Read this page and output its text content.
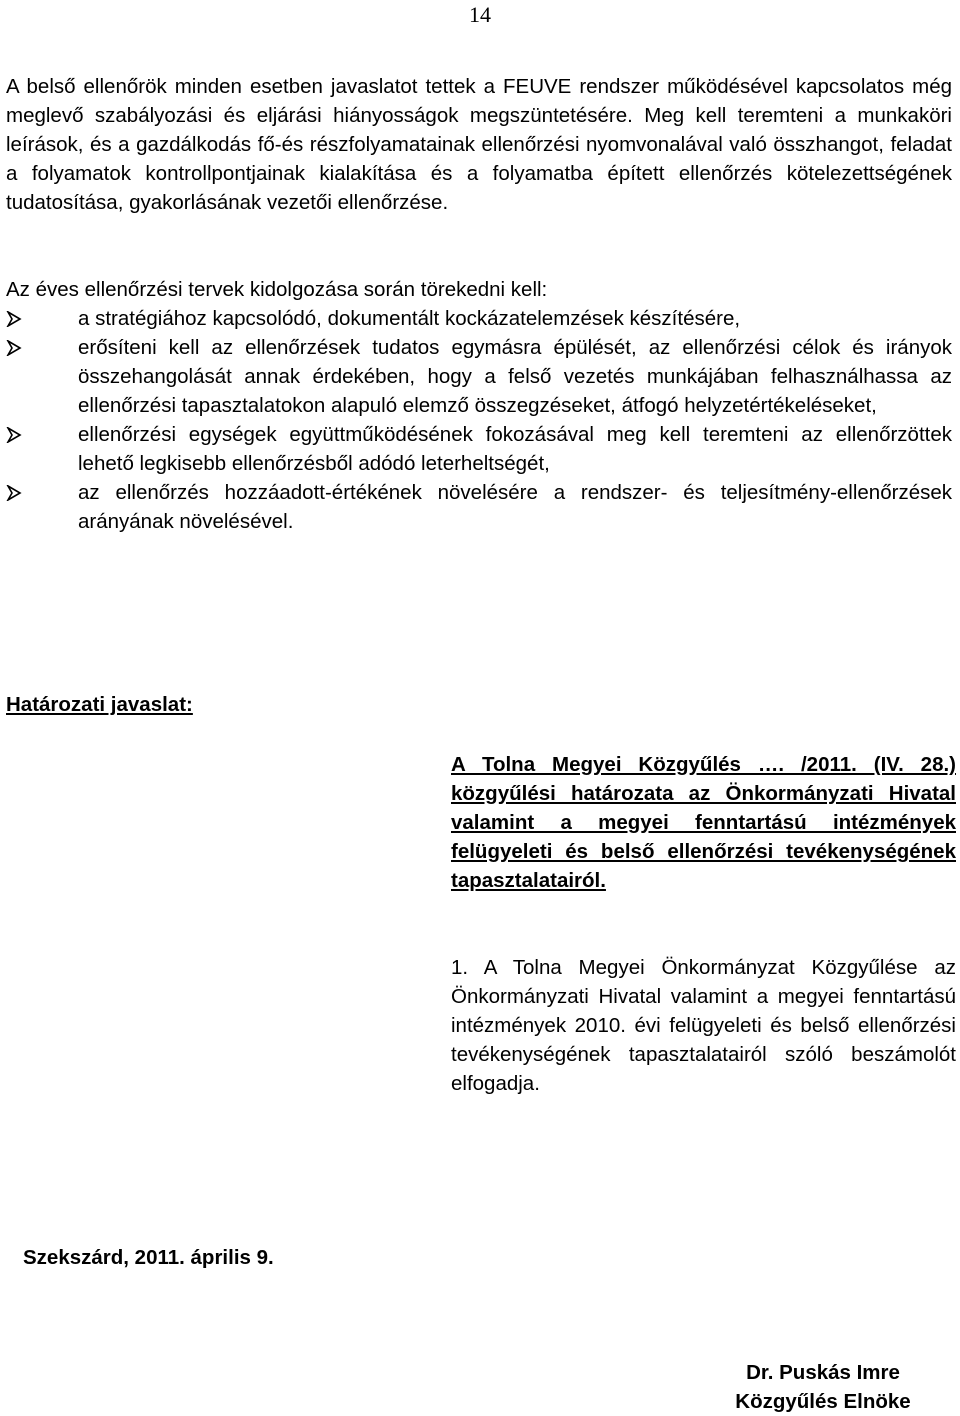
14

A belső ellenőrök minden esetben javaslatot tettek a FEUVE rendszer működésével kapcsolatos még meglevő szabályozási és eljárási hiányosságok megszüntetésére. Meg kell teremteni a munkaköri leírások, és a gazdálkodás fő-és részfolyamatainak ellenőrzési nyomvonalával való összhangot, feladat a folyamatok kontrollpontjainak kialakítása és a folyamatba épített ellenőrzés kötelezettségének tudatosítása, gyakorlásának vezetői ellenőrzése.

Az éves ellenőrzési tervek kidolgozása során törekedni kell:
a stratégiához kapcsolódó, dokumentált kockázatelemzések készítésére,
erősíteni kell az ellenőrzések tudatos egymásra épülését, az ellenőrzési célok és irányok összehangolását annak érdekében, hogy a felső vezetés munkájában felhasználhassa az ellenőrzési tapasztalatokon alapuló elemző összegzéseket, átfogó helyzetértékeléseket,
ellenőrzési egységek együttműködésének fokozásával meg kell teremteni az ellenőrzöttek lehető legkisebb ellenőrzésből adódó leterheltségét,
az ellenőrzés hozzáadott-értékének növelésére a rendszer- és teljesítmény-ellenőrzések arányának növelésével.
Határozati javaslat:
A Tolna Megyei Közgyűlés …. /2011. (IV. 28.) közgyűlési határozata az Önkormányzati Hivatal valamint a megyei fenntartású intézmények felügyeleti és belső ellenőrzési tevékenységének tapasztalatairól.
1. A Tolna Megyei Önkormányzat Közgyűlése az Önkormányzati Hivatal valamint a megyei fenntartású intézmények 2010. évi felügyeleti és belső ellenőrzési tevékenységének tapasztalatairól szóló beszámolót elfogadja.
Szekszárd, 2011. április 9.
Dr. Puskás Imre
Közgyűlés Elnöke
